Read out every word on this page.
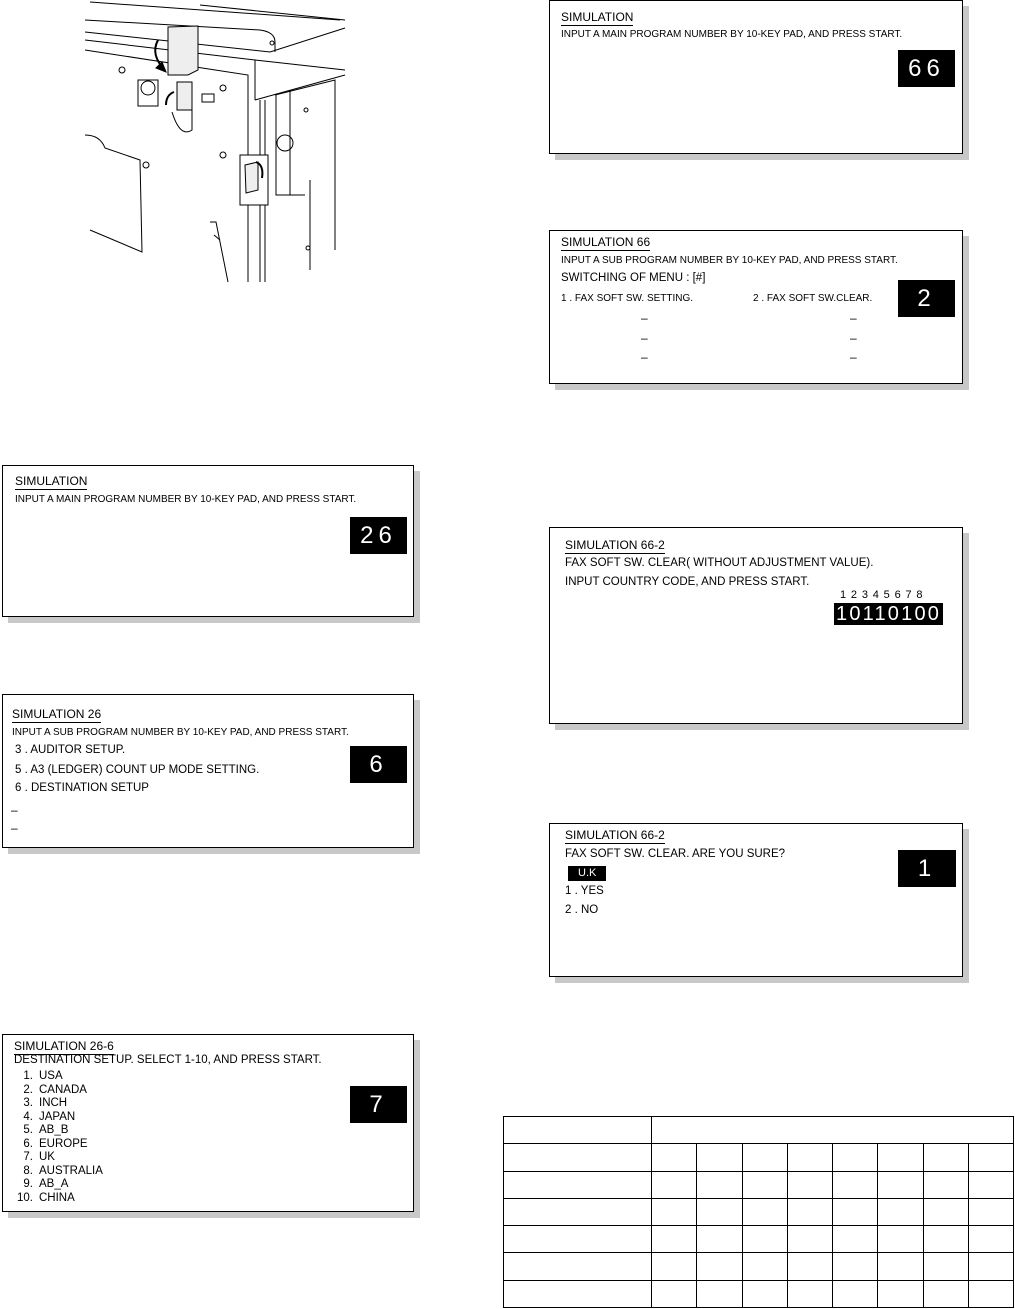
SIMULATION
INPUT A MAIN PROGRAM NUMBER BY 10-KEY PAD, AND PRESS START.
26
SIMULATION 26
INPUT A SUB PROGRAM NUMBER BY 10-KEY PAD, AND PRESS START.
3 . AUDITOR SETUP.
5 . A3 (LEDGER) COUNT UP MODE SETTING.
6 . DESTINATION SETUP
–
–
6
SIMULATION 26-6
DESTINATION SETUP. SELECT 1-10, AND PRESS START.
1. USA
2. CANADA
3. INCH
4. JAPAN
5. AB_B
6. EUROPE
7. UK
8. AUSTRALIA
9. AB_A
10. CHINA
7
SIMULATION
INPUT A MAIN PROGRAM NUMBER BY 10-KEY PAD, AND PRESS START.
66
SIMULATION 66
INPUT A SUB PROGRAM NUMBER BY 10-KEY PAD, AND PRESS START.
SWITCHING OF MENU : [#]
1 . FAX SOFT SW. SETTING.	2 . FAX SOFT SW.CLEAR.
–
–
–
–
–
–
2
SIMULATION 66-2
FAX SOFT SW. CLEAR( WITHOUT ADJUSTMENT VALUE).
INPUT COUNTRY CODE, AND PRESS START.
12345678
10110100
SIMULATION 66-2
FAX SOFT SW. CLEAR. ARE YOU SURE?
U.K
1 . YES
2 . NO
1
